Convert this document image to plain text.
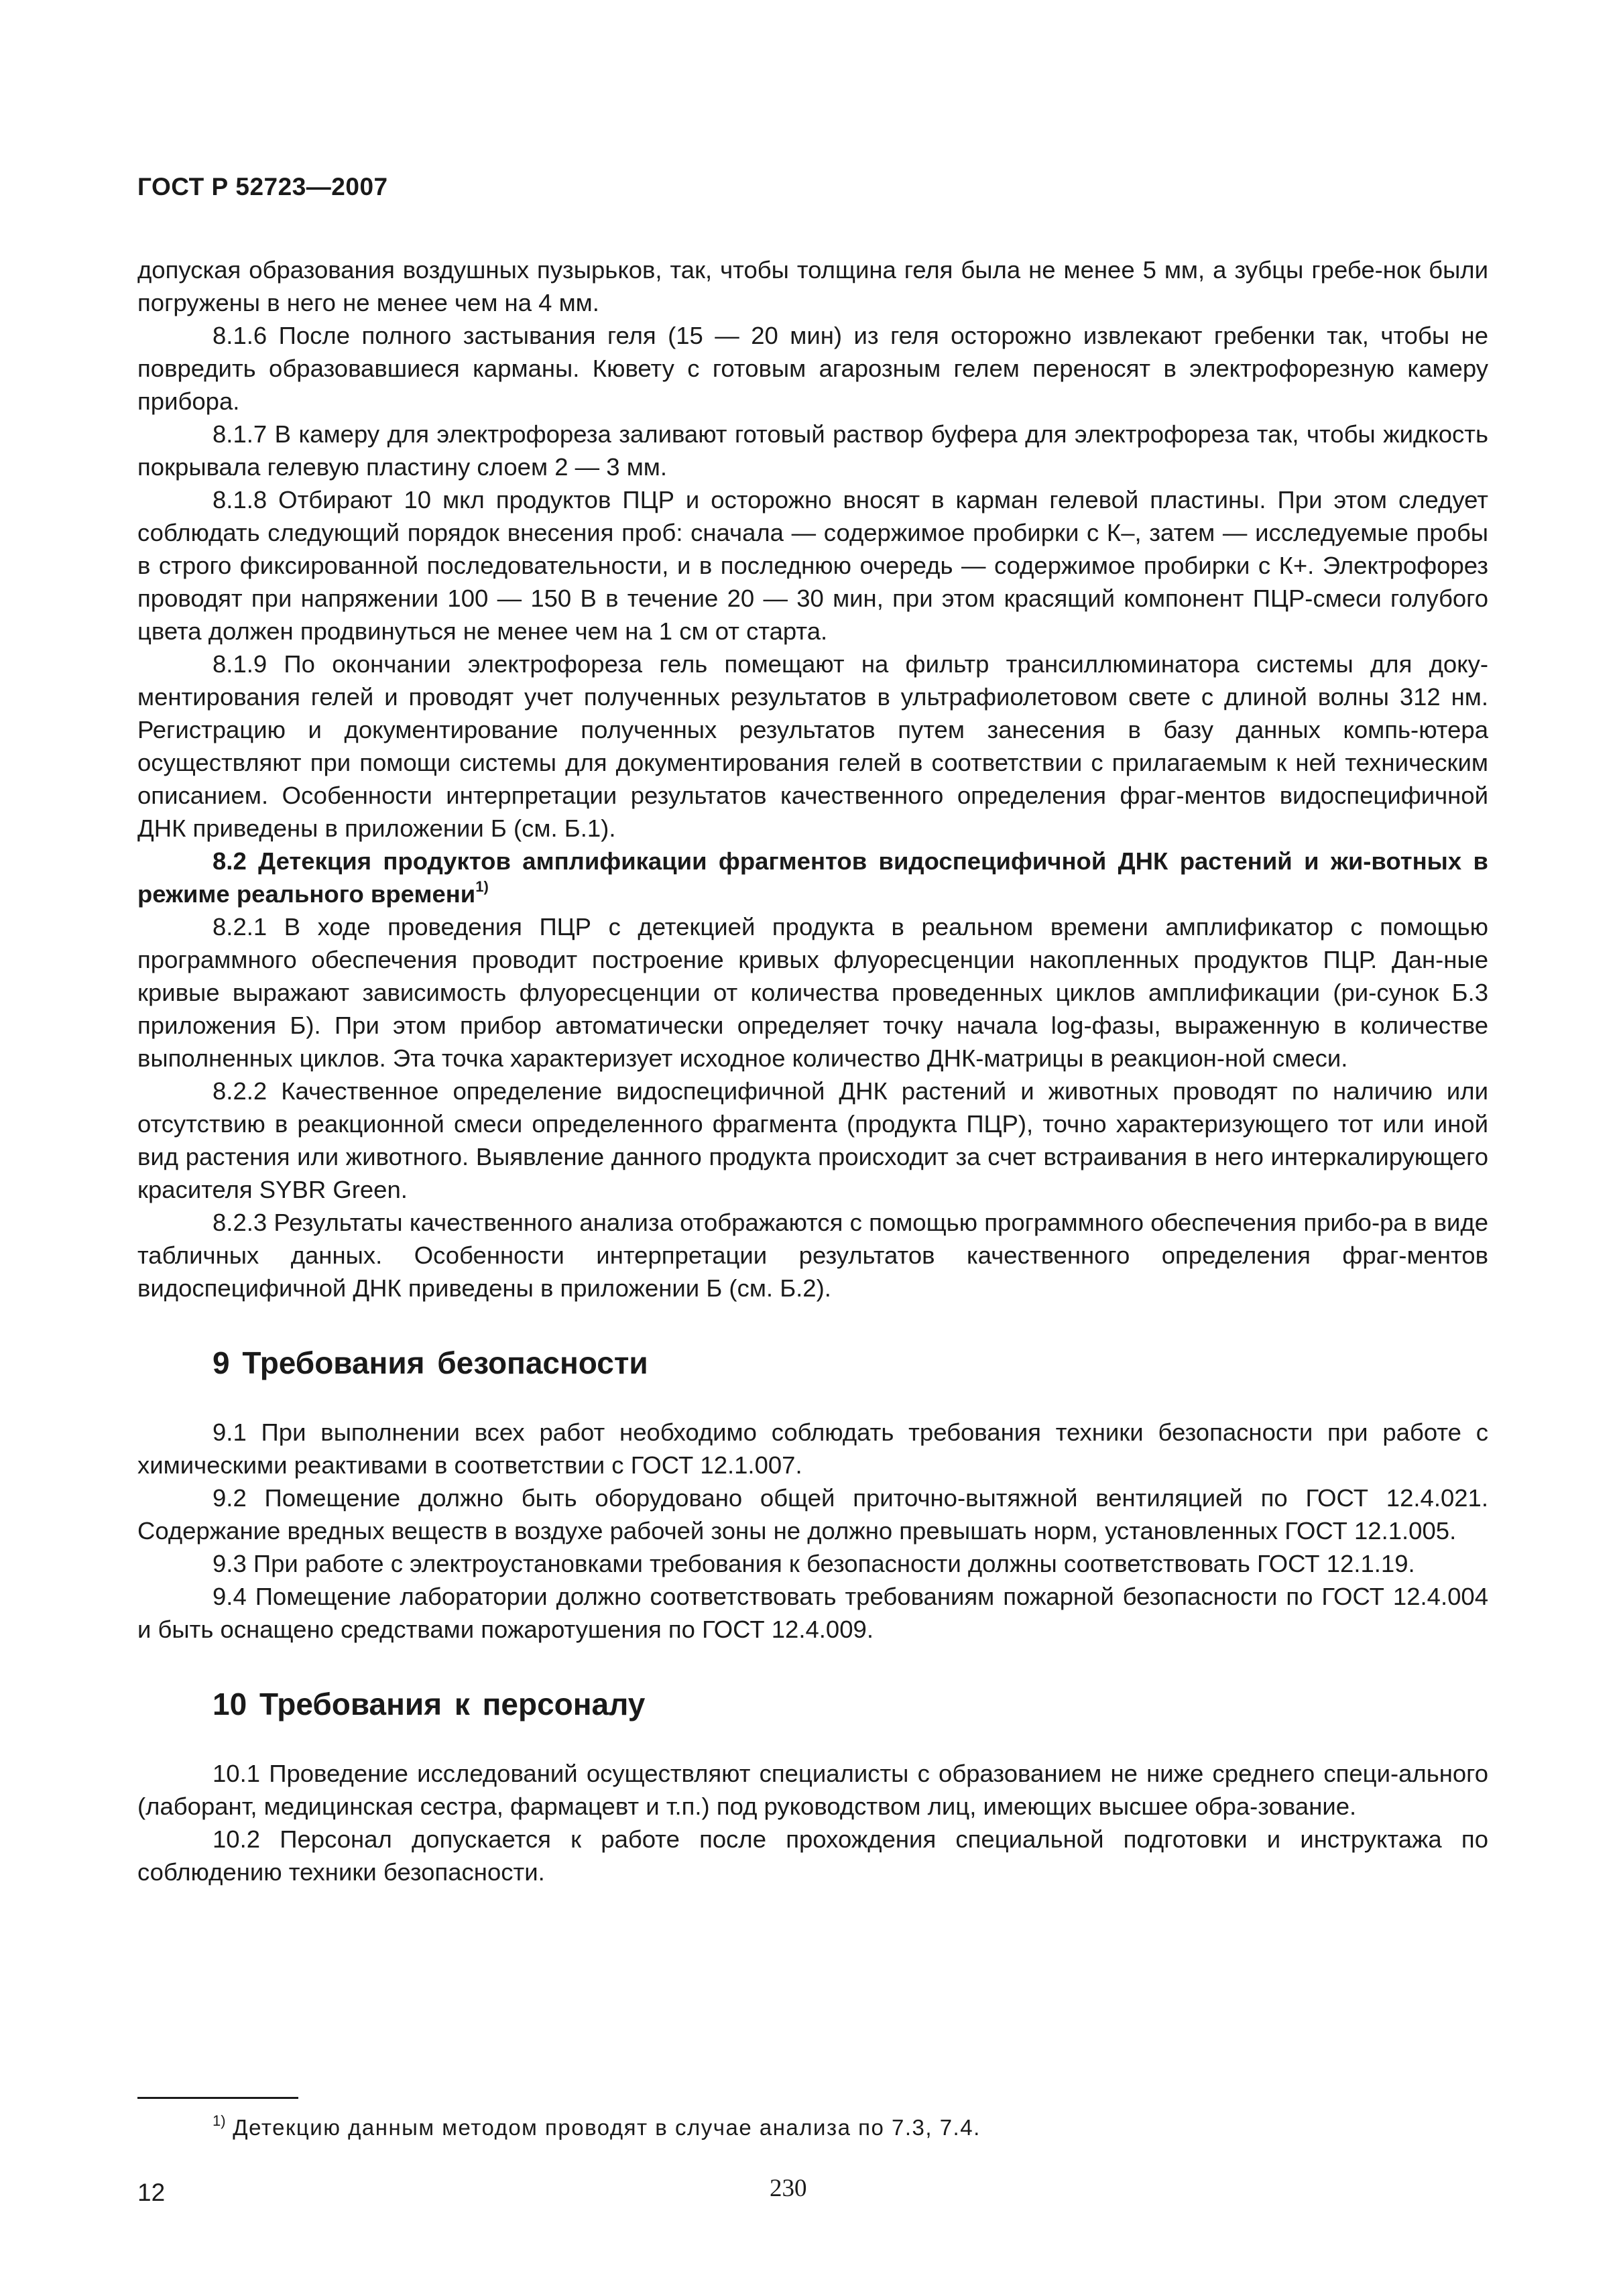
ГОСТ Р 52723—2007

допуская образования воздушных пузырьков, так, чтобы толщина геля была не менее 5 мм, а зубцы гребе-нок были погружены в него не менее чем на 4 мм.

8.1.6 После полного застывания геля (15 — 20 мин) из геля осторожно извлекают гребенки так, чтобы не повредить образовавшиеся карманы. Кювету с готовым агарозным гелем переносят в электрофорезную камеру прибора.

8.1.7 В камеру для электрофореза заливают готовый раствор буфера для электрофореза так, чтобы жидкость покрывала гелевую пластину слоем 2 — 3 мм.

8.1.8 Отбирают 10 мкл продуктов ПЦР и осторожно вносят в карман гелевой пластины. При этом следует соблюдать следующий порядок внесения проб: сначала — содержимое пробирки с К–, затем — исследуемые пробы в строго фиксированной последовательности, и в последнюю очередь — содержимое пробирки с К+. Электрофорез проводят при напряжении 100 — 150 В в течение 20 — 30 мин, при этом красящий компонент ПЦР-смеси голубого цвета должен продвинуться не менее чем на 1 см от старта.

8.1.9 По окончании электрофореза гель помещают на фильтр трансиллюминатора системы для доку-ментирования гелей и проводят учет полученных результатов в ультрафиолетовом свете с длиной волны 312 нм. Регистрацию и документирование полученных результатов путем занесения в базу данных компь-ютера осуществляют при помощи системы для документирования гелей в соответствии с прилагаемым к ней техническим описанием. Особенности интерпретации результатов качественного определения фраг-ментов видоспецифичной ДНК приведены в приложении Б (см. Б.1).

8.2 Детекция продуктов амплификации фрагментов видоспецифичной ДНК растений и жи-вотных в режиме реального времени$^{1)}$

8.2.1 В ходе проведения ПЦР с детекцией продукта в реальном времени амплификатор с помощью программного обеспечения проводит построение кривых флуоресценции накопленных продуктов ПЦР. Дан-ные кривые выражают зависимость флуоресценции от количества проведенных циклов амплификации (ри-сунок Б.3 приложения Б). При этом прибор автоматически определяет точку начала log-фазы, выраженную в количестве выполненных циклов. Эта точка характеризует исходное количество ДНК-матрицы в реакцион-ной смеси.

8.2.2 Качественное определение видоспецифичной ДНК растений и животных проводят по наличию или отсутствию в реакционной смеси определенного фрагмента (продукта ПЦР), точно характеризующего тот или иной вид растения или животного. Выявление данного продукта происходит за счет встраивания в него интеркалирующего красителя SYBR Green.

8.2.3 Результаты качественного анализа отображаются с помощью программного обеспечения прибо-ра в виде табличных данных. Особенности интерпретации результатов качественного определения фраг-ментов видоспецифичной ДНК приведены в приложении Б (см. Б.2).

9 Требования безопасности

9.1 При выполнении всех работ необходимо соблюдать требования техники безопасности при работе с химическими реактивами в соответствии с ГОСТ 12.1.007.

9.2 Помещение должно быть оборудовано общей приточно-вытяжной вентиляцией по ГОСТ 12.4.021. Содержание вредных веществ в воздухе рабочей зоны не должно превышать норм, установленных ГОСТ 12.1.005.

9.3 При работе с электроустановками требования к безопасности должны соответствовать ГОСТ 12.1.19.

9.4 Помещение лаборатории должно соответствовать требованиям пожарной безопасности по ГОСТ 12.4.004 и быть оснащено средствами пожаротушения по ГОСТ 12.4.009.

10 Требования к персоналу

10.1 Проведение исследований осуществляют специалисты с образованием не ниже среднего специ-ального (лаборант, медицинская сестра, фармацевт и т.п.) под руководством лиц, имеющих высшее обра-зование.

10.2 Персонал допускается к работе после прохождения специальной подготовки и инструктажа по соблюдению техники безопасности.

$^{1)}$ Детекцию данным методом проводят в случае анализа по 7.3, 7.4.
12	230
